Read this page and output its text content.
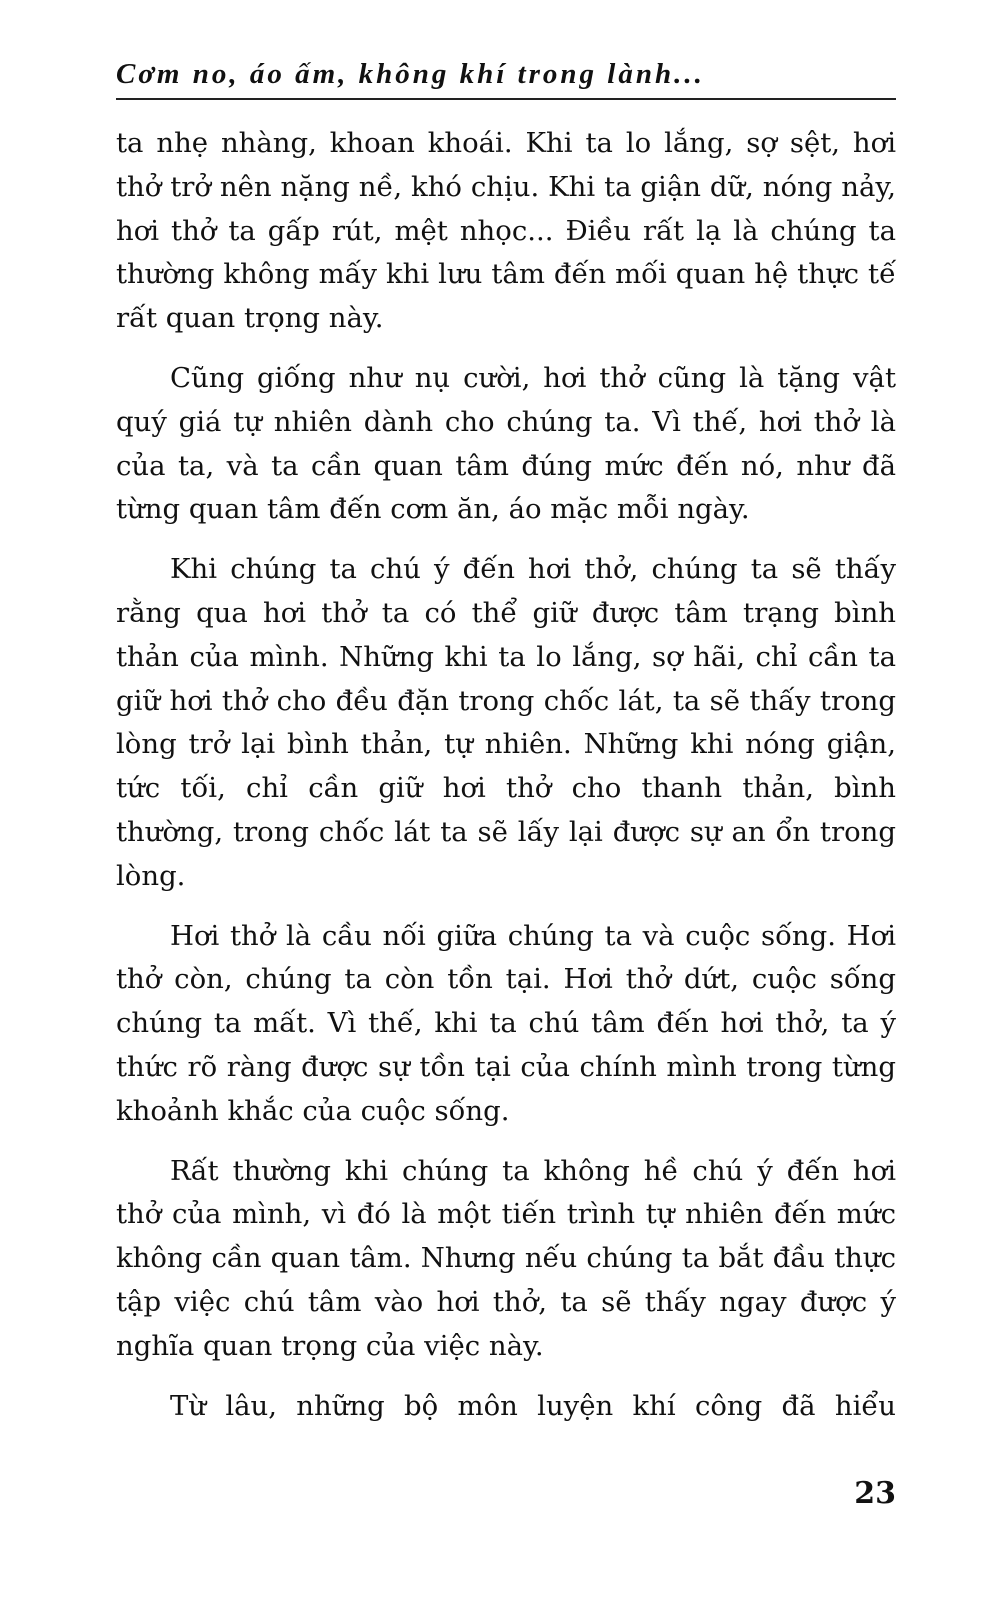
Cơm no, áo ấm, không khí trong lành...

ta nhẹ nhàng, khoan khoái. Khi ta lo lắng, sợ sệt, hơi thở trở nên nặng nề, khó chịu. Khi ta giận dữ, nóng nảy, hơi thở ta gấp rút, mệt nhọc... Điều rất lạ là chúng ta thường không mấy khi lưu tâm đến mối quan hệ thực tế rất quan trọng này.

Cũng giống như nụ cười, hơi thở cũng là tặng vật quý giá tự nhiên dành cho chúng ta. Vì thế, hơi thở là của ta, và ta cần quan tâm đúng mức đến nó, như đã từng quan tâm đến cơm ăn, áo mặc mỗi ngày.

Khi chúng ta chú ý đến hơi thở, chúng ta sẽ thấy rằng qua hơi thở ta có thể giữ được tâm trạng bình thản của mình. Những khi ta lo lắng, sợ hãi, chỉ cần ta giữ hơi thở cho đều đặn trong chốc lát, ta sẽ thấy trong lòng trở lại bình thản, tự nhiên. Những khi nóng giận, tức tối, chỉ cần giữ hơi thở cho thanh thản, bình thường, trong chốc lát ta sẽ lấy lại được sự an ổn trong lòng.

Hơi thở là cầu nối giữa chúng ta và cuộc sống. Hơi thở còn, chúng ta còn tồn tại. Hơi thở dứt, cuộc sống chúng ta mất. Vì thế, khi ta chú tâm đến hơi thở, ta ý thức rõ ràng được sự tồn tại của chính mình trong từng khoảnh khắc của cuộc sống.

Rất thường khi chúng ta không hề chú ý đến hơi thở của mình, vì đó là một tiến trình tự nhiên đến mức không cần quan tâm. Nhưng nếu chúng ta bắt đầu thực tập việc chú tâm vào hơi thở, ta sẽ thấy ngay được ý nghĩa quan trọng của việc này.

Từ lâu, những bộ môn luyện khí công đã hiểu

23
